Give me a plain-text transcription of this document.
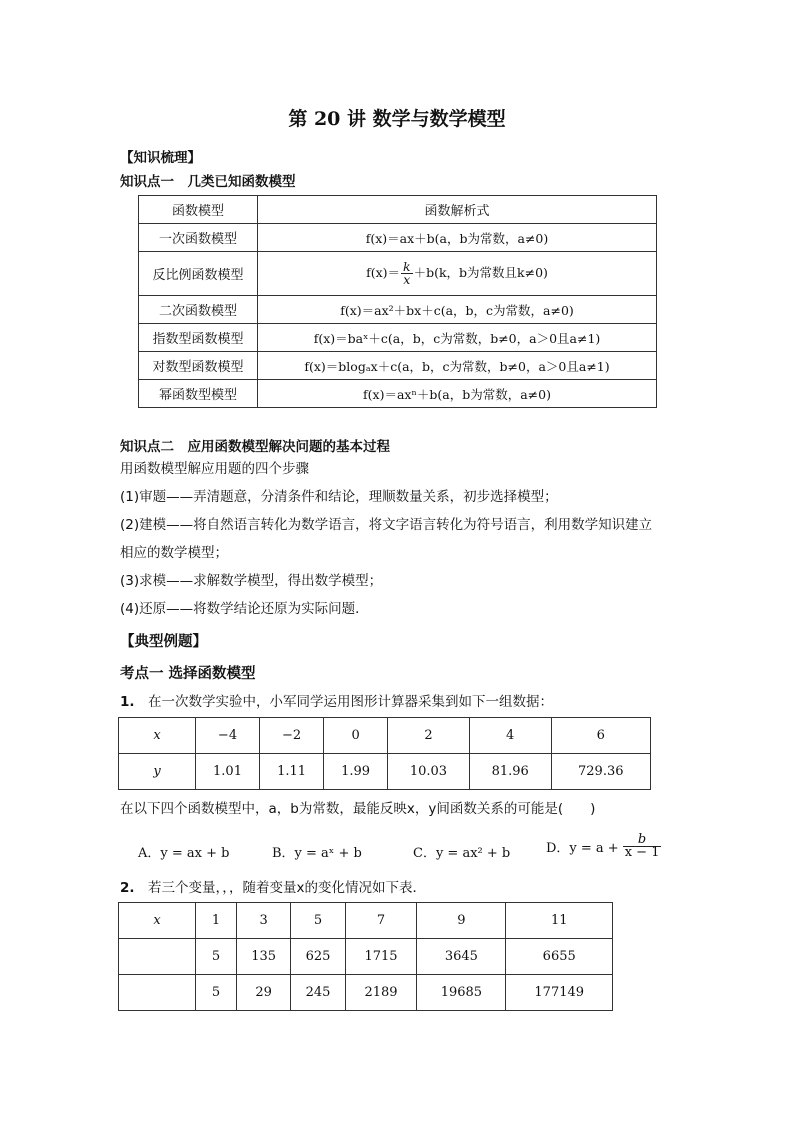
第 20 讲 数学与数学模型
【知识梳理】
知识点一　几类已知函数模型
函数模型	函数解析式
一次函数模型	f(x)＝ax＋b(a，b为常数，a≠0)
反比例函数模型	$f(x)= \frac{k}{x} +b(k$，b为常数且k≠0)
二次函数模型	f(x)＝ax²＋bx＋c(a，b，c为常数，a≠0)
指数型函数模型	f(x)＝baˣ＋c(a，b，c为常数，b≠0，a＞0且a≠1)
对数型函数模型	f(x)＝blogₐx＋c(a，b，c为常数，b≠0，a＞0且a≠1)
幂函数型模型	f(x)＝axⁿ＋b(a，b为常数，a≠0)
知识点二　应用函数模型解决问题的基本过程
用函数模型解应用题的四个步骤
(1)审题——弄清题意，分清条件和结论，理顺数量关系，初步选择模型；
(2)建模——将自然语言转化为数学语言，将文字语言转化为符号语言，利用数学知识建立
相应的数学模型；
(3)求模——求解数学模型，得出数学模型；
(4)还原——将数学结论还原为实际问题．
【典型例题】
考点一 选择函数模型
1. 在一次数学实验中，小军同学运用图形计算器采集到如下一组数据：
x	−4	−2	0	2	4	6
y	1.01	1.11	1.99	10.03	81.96	729.36
在以下四个函数模型中，a，b为常数，最能反映x，y间函数关系的可能是(　　)
A．y = ax + b	B．y = aˣ + b	C．y = ax² + b	D．$y = a + \frac{b}{x - 1}$
2. 若三个变量，，，随着变量x的变化情况如下表．
x	1	3	5	7	9	11
	5	135	625	1715	3645	6655
	5	29	245	2189	19685	177149
